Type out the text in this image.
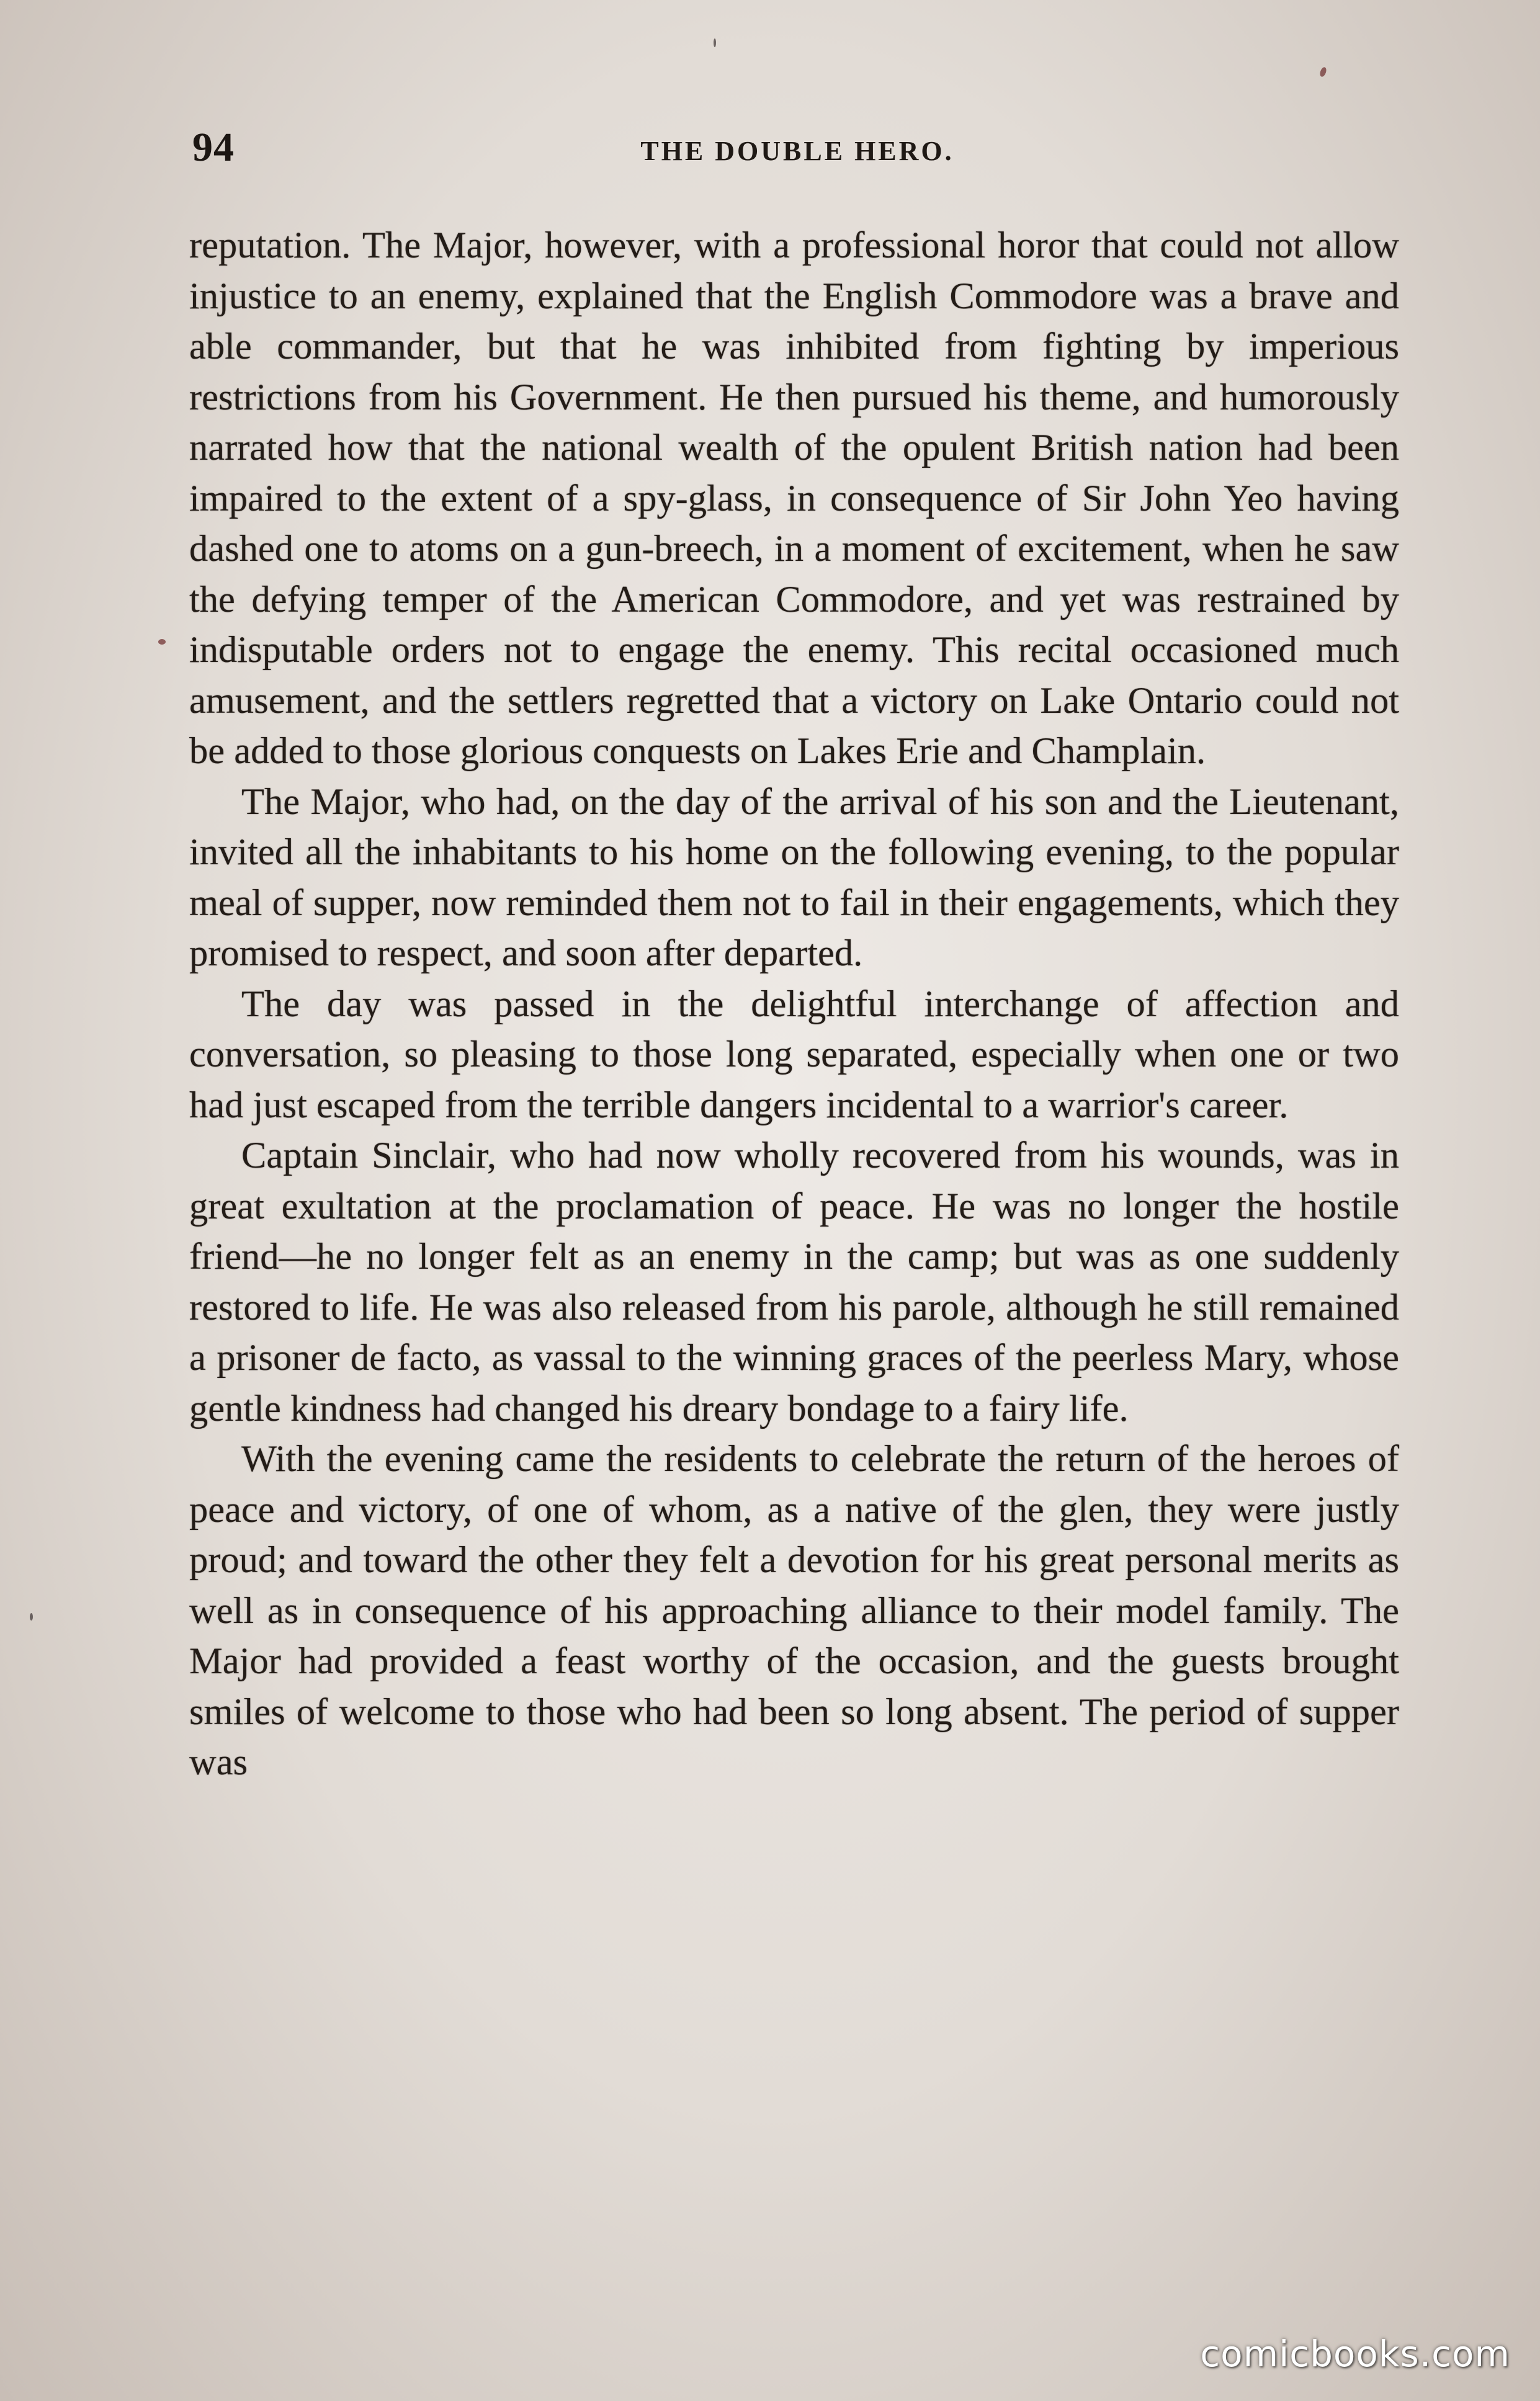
94	THE DOUBLE HERO.

reputation. The Major, however, with a professional horor that could not allow injustice to an enemy, explained that the English Commodore was a brave and able commander, but that he was inhibited from fighting by imperious restrictions from his Government. He then pursued his theme, and humorously narrated how that the national wealth of the opulent British nation had been impaired to the extent of a spy-glass, in consequence of Sir John Yeo having dashed one to atoms on a gun-breech, in a moment of excitement, when he saw the defying temper of the American Commodore, and yet was restrained by indisputable orders not to engage the enemy. This recital occasioned much amusement, and the settlers regretted that a victory on Lake Ontario could not be added to those glorious conquests on Lakes Erie and Champlain.

The Major, who had, on the day of the arrival of his son and the Lieutenant, invited all the inhabitants to his home on the following evening, to the popular meal of supper, now reminded them not to fail in their engagements, which they promised to respect, and soon after departed.

The day was passed in the delightful interchange of affection and conversation, so pleasing to those long separated, especially when one or two had just escaped from the terrible dangers incidental to a warrior's career.

Captain Sinclair, who had now wholly recovered from his wounds, was in great exultation at the proclamation of peace. He was no longer the hostile friend—he no longer felt as an enemy in the camp; but was as one suddenly restored to life. He was also released from his parole, although he still remained a prisoner de facto, as vassal to the winning graces of the peerless Mary, whose gentle kindness had changed his dreary bondage to a fairy life.

With the evening came the residents to celebrate the return of the heroes of peace and victory, of one of whom, as a native of the glen, they were justly proud; and toward the other they felt a devotion for his great personal merits as well as in consequence of his approaching alliance to their model family. The Major had provided a feast worthy of the occasion, and the guests brought smiles of welcome to those who had been so long absent. The period of supper was

comicbooks.com
